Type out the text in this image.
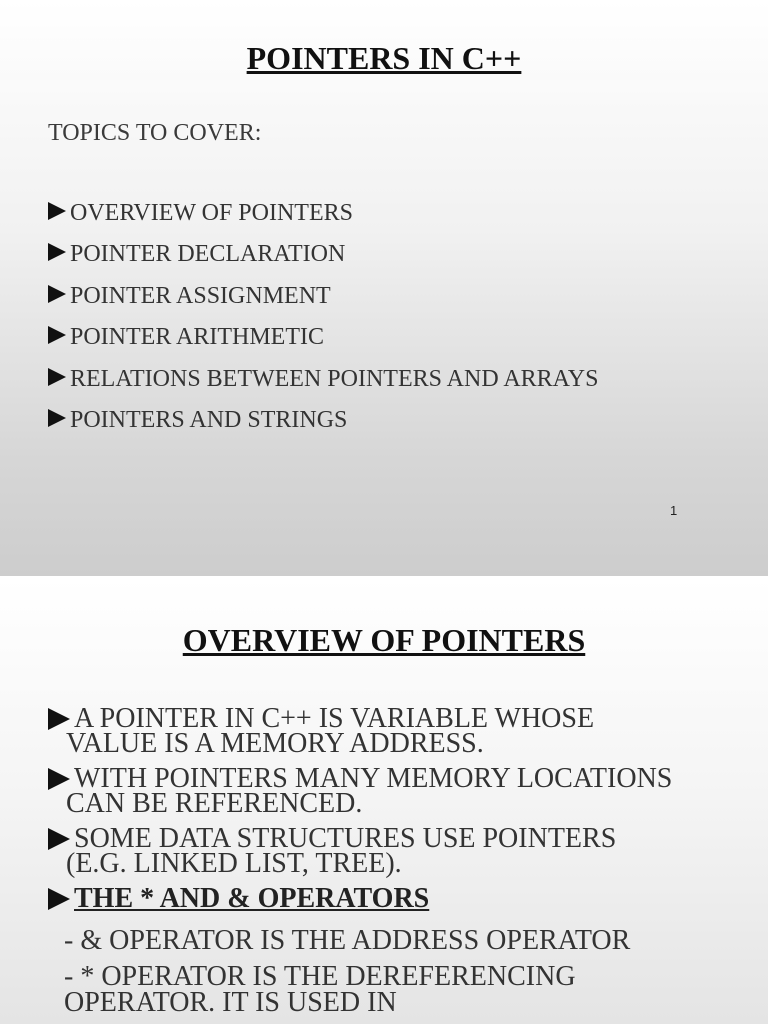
POINTERS IN C++
TOPICS TO COVER:
OVERVIEW OF POINTERS
POINTER DECLARATION
POINTER ASSIGNMENT
POINTER ARITHMETIC
RELATIONS BETWEEN POINTERS AND ARRAYS
POINTERS AND STRINGS
1
OVERVIEW OF POINTERS
A POINTER IN C++ IS VARIABLE WHOSE
VALUE IS A MEMORY ADDRESS.
WITH POINTERS MANY MEMORY LOCATIONS
CAN BE REFERENCED.
SOME DATA STRUCTURES USE POINTERS
(E.G. LINKED LIST, TREE).
THE * AND & OPERATORS
- & OPERATOR IS THE ADDRESS OPERATOR
- * OPERATOR IS THE DEREFERENCING
OPERATOR. IT IS USED IN
